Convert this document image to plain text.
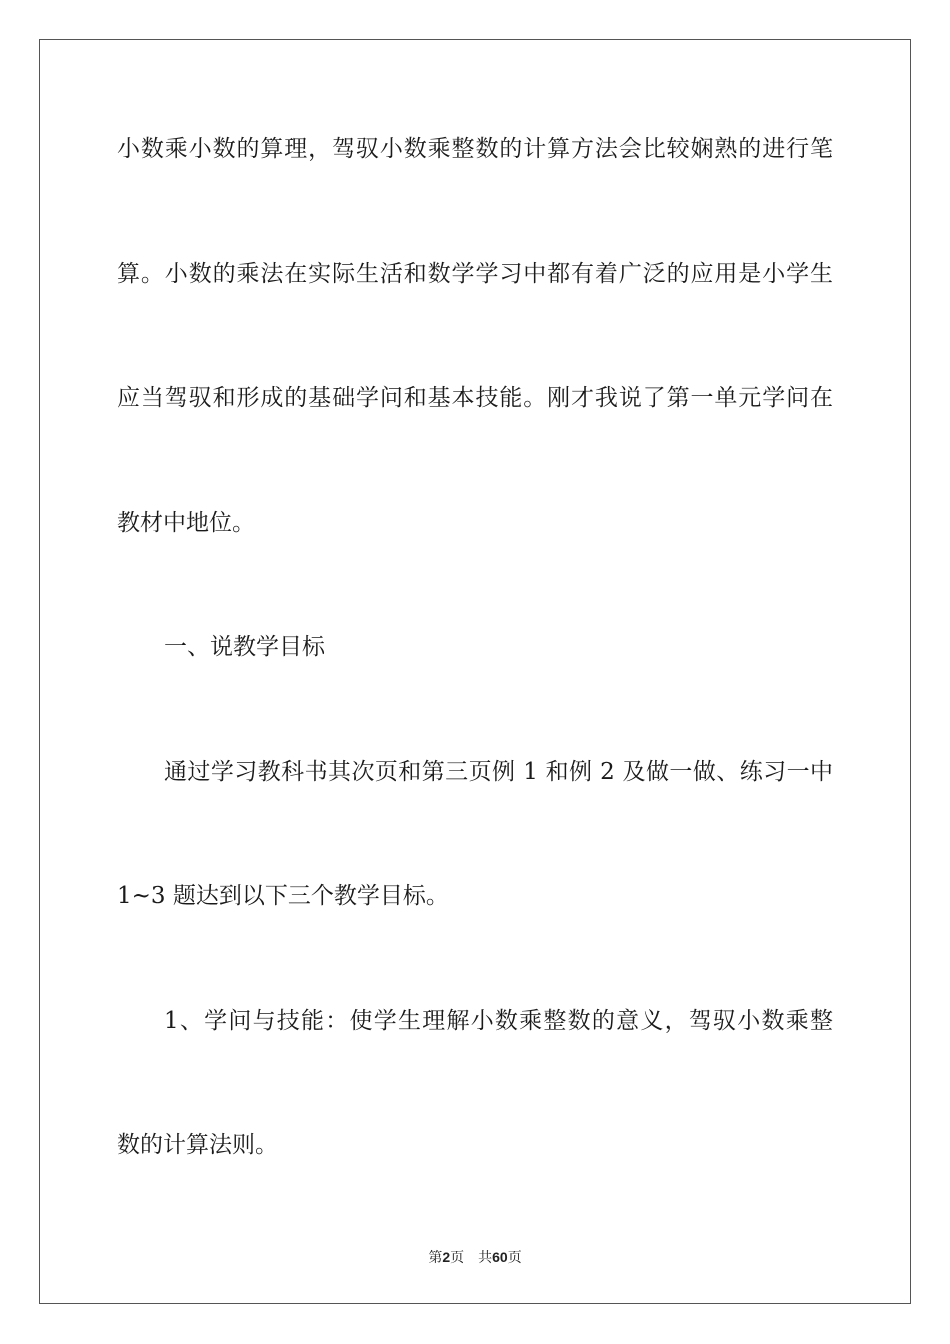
小数乘小数的算理，驾驭小数乘整数的计算方法会比较娴熟的进行笔
算。小数的乘法在实际生活和数学学习中都有着广泛的应用是小学生
应当驾驭和形成的基础学问和基本技能。刚才我说了第一单元学问在
教材中地位。
一、说教学目标
通过学习教科书其次页和第三页例 1 和例 2 及做一做、练习一中
1~3 题达到以下三个教学目标。
1、学问与技能：使学生理解小数乘整数的意义，驾驭小数乘整
数的计算法则。
第2页 共60页
